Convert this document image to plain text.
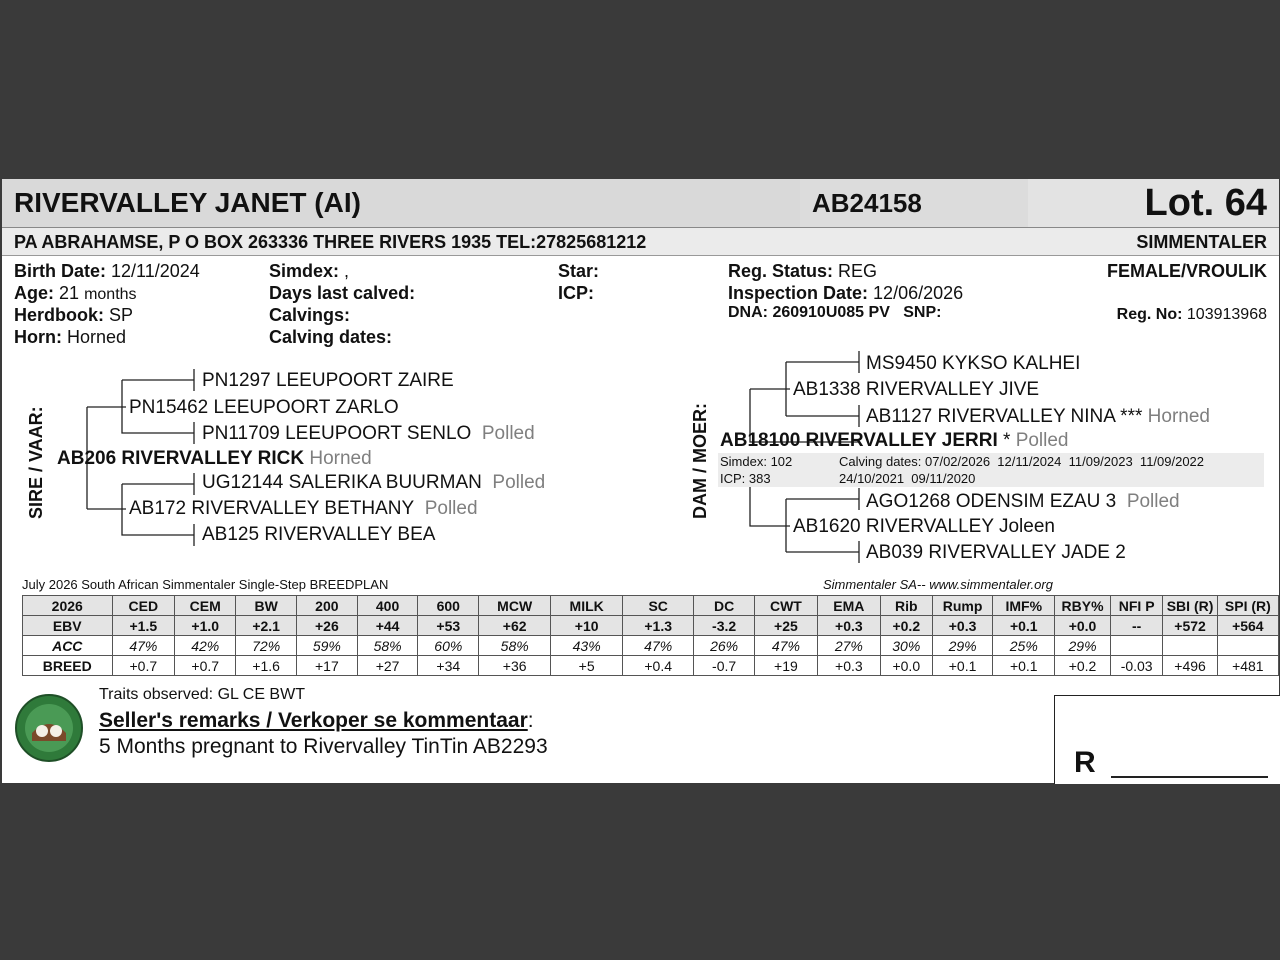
RIVERVALLEY JANET (AI)	AB24158	Lot. 64
PA ABRAHAMSE, P O BOX 263336 THREE RIVERS 1935 TEL:27825681212	SIMMENTALER
Birth Date: 12/11/2024
Age: 21 months
Herdbook: SP
Horn: Horned
Simdex: ,
Days last calved:
Calvings:
Calving dates:
Star:
ICP:
Reg. Status: REG
Inspection Date: 12/06/2026
DNA: 260910U085 PV SNP:
FEMALE/VROULIK
Reg. No: 103913968
SIRE / VAAR:	DAM / MOER:
PN1297 LEEUPOORT ZAIRE
PN15462 LEEUPOORT ZARLO
PN11709 LEEUPOORT SENLO Polled
AB206 RIVERVALLEY RICK Horned
UG12144 SALERIKA BUURMAN Polled
AB172 RIVERVALLEY BETHANY Polled
AB125 RIVERVALLEY BEA
MS9450 KYKSO KALHEI
AB1338 RIVERVALLEY JIVE
AB1127 RIVERVALLEY NINA *** Horned
AB18100 RIVERVALLEY JERRI * Polled
Simdex: 102
ICP: 383
Calving dates: 07/02/2026  12/11/2024  11/09/2023  11/09/2022
24/10/2021  09/11/2020
AGO1268 ODENSIM EZAU 3 Polled
AB1620 RIVERVALLEY Joleen
AB039 RIVERVALLEY JADE 2
July 2026 South African Simmentaler Single-Step BREEDPLAN	Simmentaler SA-- www.simmentaler.org
2026	CED	CEM	BW	200	400	600	MCW	MILK	SC	DC	CWT	EMA	Rib	Rump	IMF%	RBY%	NFI P	SBI (R)	SPI (R)
EBV	+1.5	+1.0	+2.1	+26	+44	+53	+62	+10	+1.3	-3.2	+25	+0.3	+0.2	+0.3	+0.1	+0.0	--	+572	+564
ACC	47%	42%	72%	59%	58%	60%	58%	43%	47%	26%	47%	27%	30%	29%	25%	29%			
BREED	+0.7	+0.7	+1.6	+17	+27	+34	+36	+5	+0.4	-0.7	+19	+0.3	+0.0	+0.1	+0.1	+0.2	-0.03	+496	+481
Traits observed: GL CE BWT
Seller's remarks / Verkoper se kommentaar:
5 Months pregnant to Rivervalley TinTin AB2293	R
